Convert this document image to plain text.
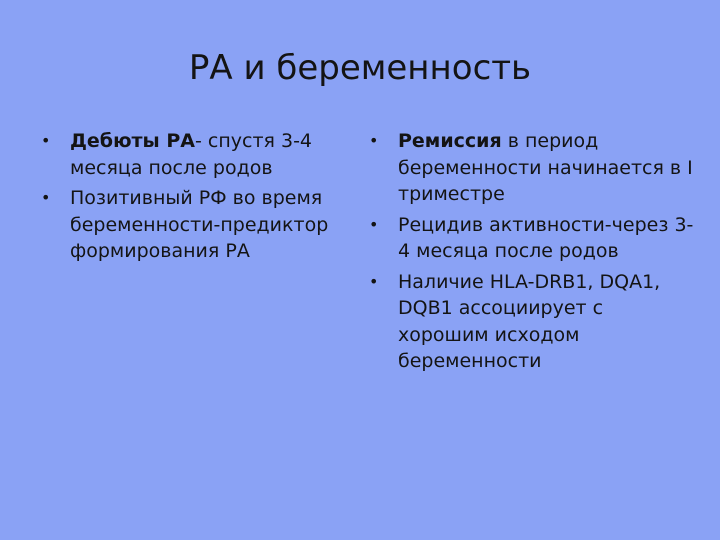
РА и беременность
• Дебюты РА- спустя 3-4 месяца после родов
• Позитивный РФ во время беременности-предиктор формирования РА
• Ремиссия в период беременности начинается в I триместре
• Рецидив активности-через 3-4 месяца после родов
• Наличие HLA-DRB1, DQA1, DQB1 ассоциирует с хорошим исходом беременности
